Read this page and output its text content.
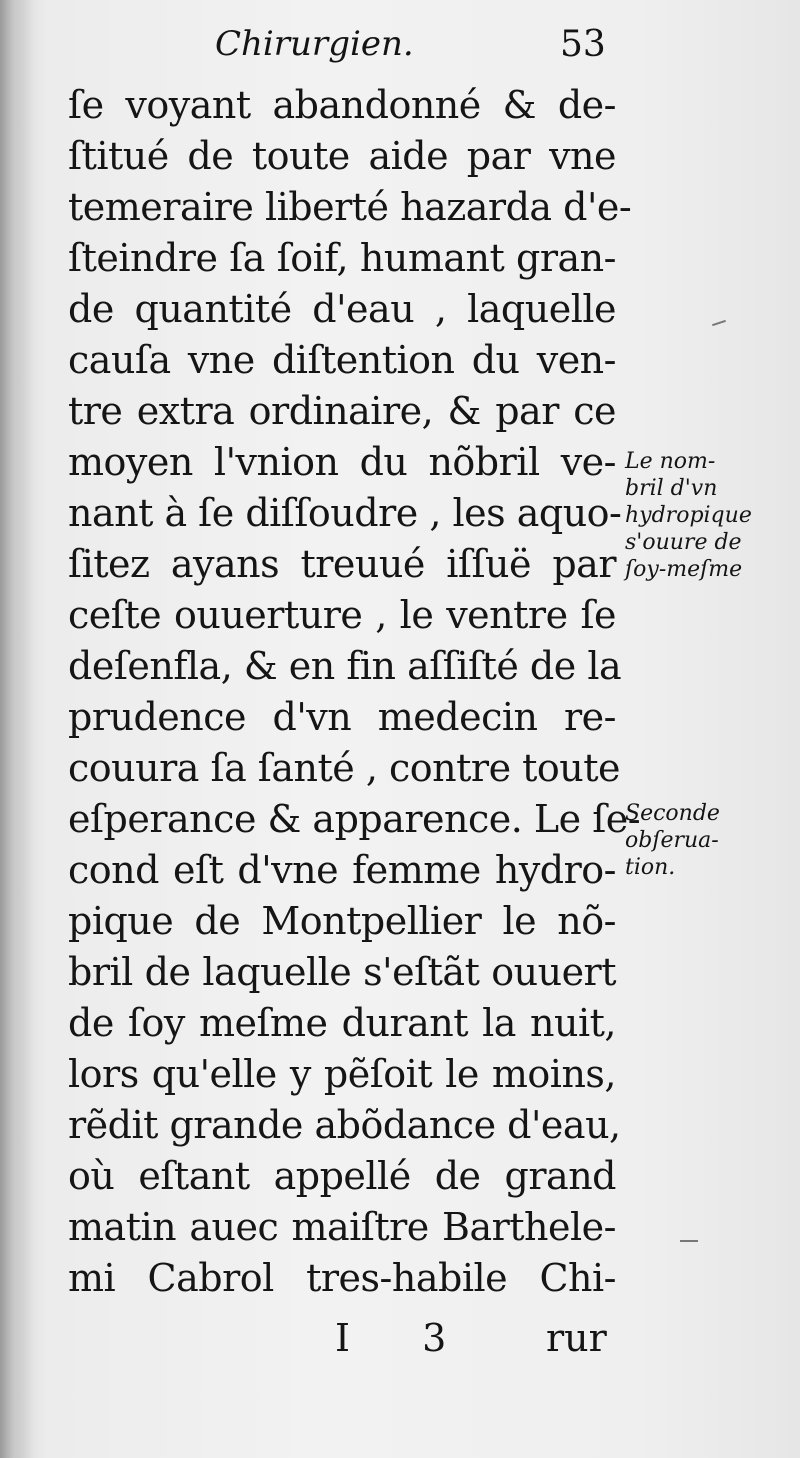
Chirurgien.	53
ſe voyant abandonné & de-
ſtitué de toute aide par vne
temeraire liberté hazarda d'e-
ſteindre ſa ſoif, humant gran-
de quantité d'eau , laquelle
cauſa vne diſtention du ven-
tre extra ordinaire, & par ce
moyen l'vnion du nõbril ve-
nant à ſe diſſoudre , les aquo-
ſitez ayans treuué iſſuë par
ceſte ouuerture , le ventre ſe
deſenfla, & en fin aſſiſté de la
prudence d'vn medecin re-
couura ſa ſanté , contre toute
eſperance & apparence. Le ſe-
cond eſt d'vne femme hydro-
pique de Montpellier le nõ-
bril de laquelle s'eſtãt ouuert
de ſoy meſme durant la nuit,
lors qu'elle y pẽſoit le moins,
rẽdit grande abõdance d'eau,
où eſtant appellé de grand
matin auec maiſtre Barthele-
mi Cabrol tres-habile Chi-
Le nom-
bril d'vn
hydropique
s'ouure de
ſoy-meſme
Seconde
obſerua-
tion.
I 3 rur
